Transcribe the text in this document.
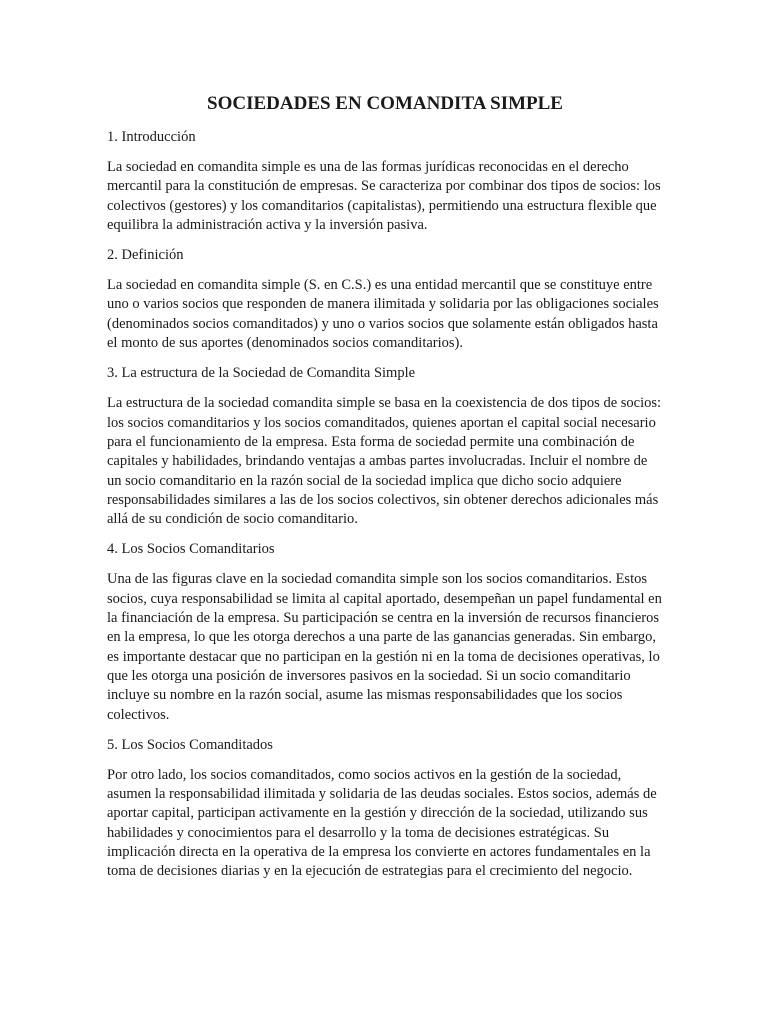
SOCIEDADES EN COMANDITA SIMPLE
1. Introducción

La sociedad en comandita simple es una de las formas jurídicas reconocidas en el derecho mercantil para la constitución de empresas. Se caracteriza por combinar dos tipos de socios: los colectivos (gestores) y los comanditarios (capitalistas), permitiendo una estructura flexible que equilibra la administración activa y la inversión pasiva.

2. Definición

La sociedad en comandita simple (S. en C.S.) es una entidad mercantil que se constituye entre uno o varios socios que responden de manera ilimitada y solidaria por las obligaciones sociales (denominados socios comanditados) y uno o varios socios que solamente están obligados hasta el monto de sus aportes (denominados socios comanditarios).

3. La estructura de la Sociedad de Comandita Simple

La estructura de la sociedad comandita simple se basa en la coexistencia de dos tipos de socios: los socios comanditarios y los socios comanditados, quienes aportan el capital social necesario para el funcionamiento de la empresa. Esta forma de sociedad permite una combinación de capitales y habilidades, brindando ventajas a ambas partes involucradas. Incluir el nombre de un socio comanditario en la razón social de la sociedad implica que dicho socio adquiere responsabilidades similares a las de los socios colectivos, sin obtener derechos adicionales más allá de su condición de socio comanditario.

4. Los Socios Comanditarios

Una de las figuras clave en la sociedad comandita simple son los socios comanditarios. Estos socios, cuya responsabilidad se limita al capital aportado, desempeñan un papel fundamental en la financiación de la empresa. Su participación se centra en la inversión de recursos financieros en la empresa, lo que les otorga derechos a una parte de las ganancias generadas. Sin embargo, es importante destacar que no participan en la gestión ni en la toma de decisiones operativas, lo que les otorga una posición de inversores pasivos en la sociedad. Si un socio comanditario incluye su nombre en la razón social, asume las mismas responsabilidades que los socios colectivos.

5. Los Socios Comanditados

Por otro lado, los socios comanditados, como socios activos en la gestión de la sociedad, asumen la responsabilidad ilimitada y solidaria de las deudas sociales. Estos socios, además de aportar capital, participan activamente en la gestión y dirección de la sociedad, utilizando sus habilidades y conocimientos para el desarrollo y la toma de decisiones estratégicas. Su implicación directa en la operativa de la empresa los convierte en actores fundamentales en la toma de decisiones diarias y en la ejecución de estrategias para el crecimiento del negocio.
